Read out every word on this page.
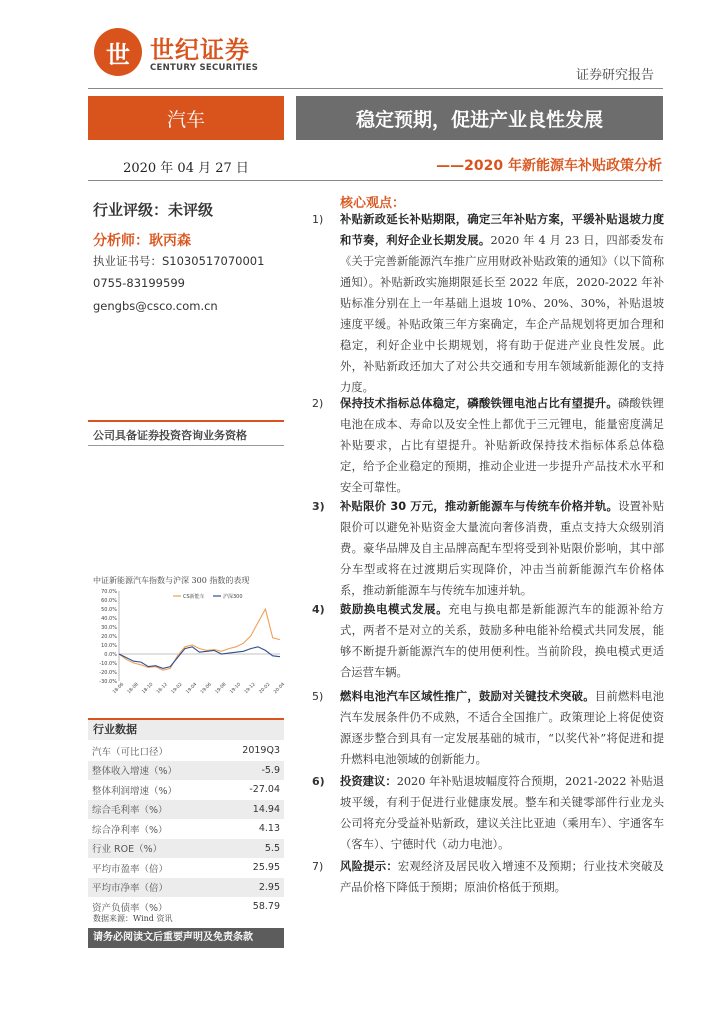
世 世纪证券
CENTURY SECURITIES	证券研究报告
汽车	稳定预期，促进产业良性发展
2020 年 04 月 27 日	——2020 年新能源车补贴政策分析
行业评级：未评级
分析师：耿丙森
执业证书号：S1030517070001
0755-83199599
gengbs@csco.com.cn
公司具备证券投资咨询业务资格
中证新能源汽车指数与沪深 300 指数的表现
70.0%
60.0%
50.0%
40.0%
30.0%
20.0%
10.0%
0.0%
-10.0%
-20.0%
-30.0%
18-06 18-08 18-10 18-12 19-02 19-04 19-06 19-08 19-10 19-12 20-02 20-04
CS新能车	沪深300
行业数据
汽车（可比口径）	2019Q3
整体收入增速（%）	-5.9
整体利润增速（%）	-27.04
综合毛利率（%）	14.94
综合净利率（%）	4.13
行业 ROE（%）	5.5
平均市盈率（倍）	25.95
平均市净率（倍）	2.95
资产负债率（%）	58.79
数据来源：Wind 资讯
请务必阅读文后重要声明及免责条款
核心观点：
1) 补贴新政延长补贴期限，确定三年补贴方案，平缓补贴退坡力度和节奏，利好企业长期发展。2020 年 4 月 23 日，四部委发布《关于完善新能源汽车推广应用财政补贴政策的通知》（以下简称通知）。补贴新政实施期限延长至 2022 年底，2020-2022 年补贴标准分别在上一年基础上退坡 10%、20%、30%，补贴退坡速度平缓。补贴政策三年方案确定，车企产品规划将更加合理和稳定，利好企业中长期规划，将有助于促进产业良性发展。此外，补贴新政还加大了对公共交通和专用车领域新能源化的支持力度。
2) 保持技术指标总体稳定，磷酸铁锂电池占比有望提升。磷酸铁锂电池在成本、寿命以及安全性上都优于三元锂电，能量密度满足补贴要求，占比有望提升。补贴新政保持技术指标体系总体稳定，给予企业稳定的预期，推动企业进一步提升产品技术水平和安全可靠性。
3) 补贴限价 30 万元，推动新能源车与传统车价格并轨。设置补贴限价可以避免补贴资金大量流向奢侈消费，重点支持大众级别消费。豪华品牌及自主品牌高配车型将受到补贴限价影响，其中部分车型或将在过渡期后实现降价，冲击当前新能源汽车价格体系，推动新能源车与传统车加速并轨。
4) 鼓励换电模式发展。充电与换电都是新能源汽车的能源补给方式，两者不是对立的关系，鼓励多种电能补给模式共同发展，能够不断提升新能源汽车的使用便利性。当前阶段，换电模式更适合运营车辆。
5) 燃料电池汽车区域性推广，鼓励对关键技术突破。目前燃料电池汽车发展条件仍不成熟，不适合全国推广。政策理论上将促使资源逐步整合到具有一定发展基础的城市，“以奖代补”将促进和提升燃料电池领域的创新能力。
6) 投资建议：2020 年补贴退坡幅度符合预期，2021-2022 补贴退坡平缓，有利于促进行业健康发展。整车和关键零部件行业龙头公司将充分受益补贴新政，建议关注比亚迪（乘用车）、宇通客车（客车）、宁德时代（动力电池）。
7) 风险提示：宏观经济及居民收入增速不及预期；行业技术突破及产品价格下降低于预期；原油价格低于预期。
